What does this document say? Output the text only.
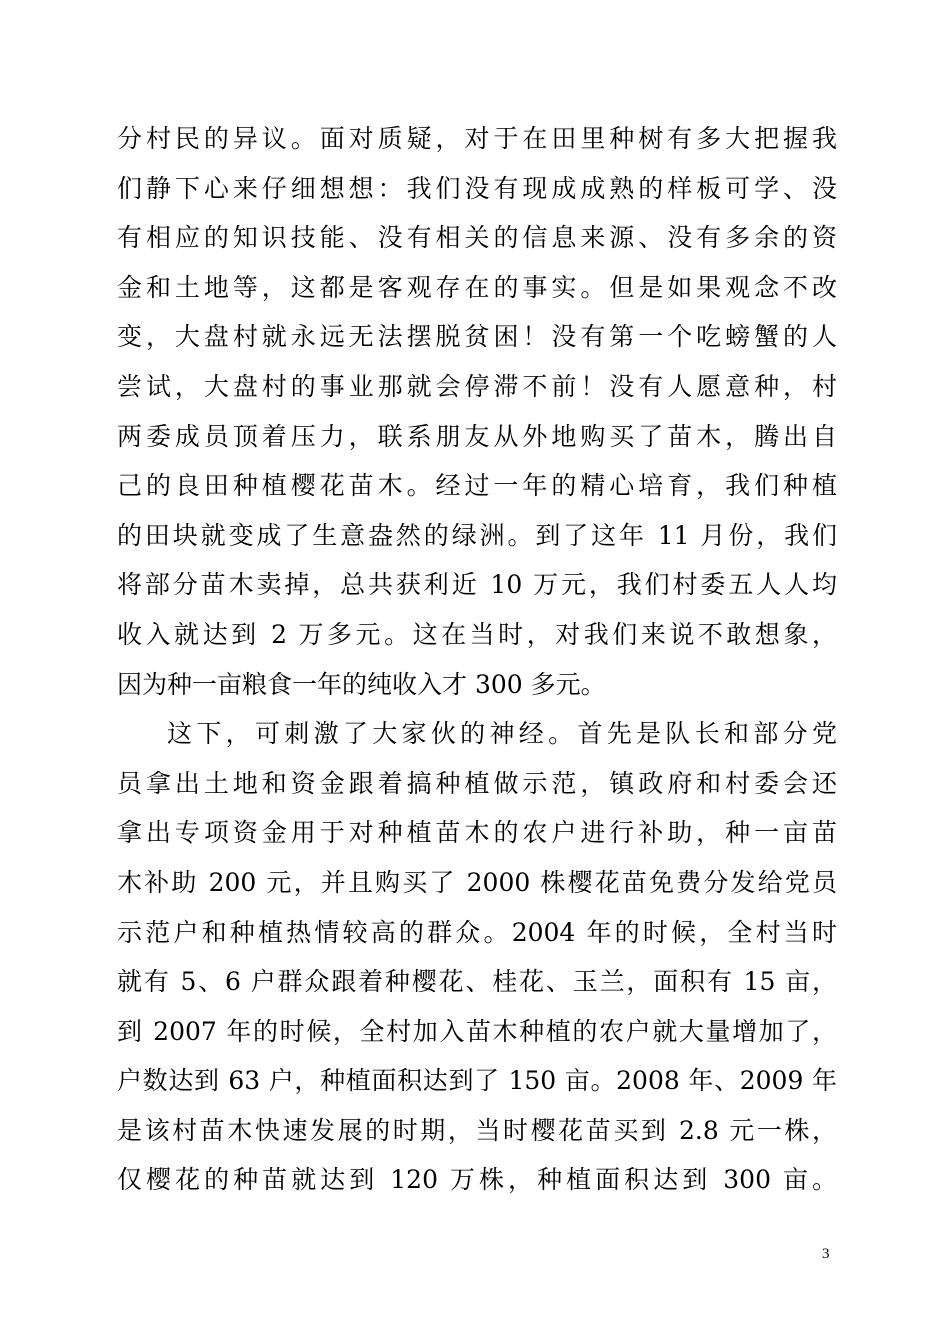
分村民的异议。面对质疑，对于在田里种树有多大把握我
们静下心来仔细想想：我们没有现成成熟的样板可学、没
有相应的知识技能、没有相关的信息来源、没有多余的资
金和土地等，这都是客观存在的事实。但是如果观念不改
变，大盘村就永远无法摆脱贫困！没有第一个吃螃蟹的人
尝试，大盘村的事业那就会停滞不前！没有人愿意种，村
两委成员顶着压力，联系朋友从外地购买了苗木，腾出自
己的良田种植樱花苗木。经过一年的精心培育，我们种植
的田块就变成了生意盎然的绿洲。到了这年 11 月份，我们
将部分苗木卖掉，总共获利近 10 万元，我们村委五人人均
收入就达到 2 万多元。这在当时，对我们来说不敢想象，
因为种一亩粮食一年的纯收入才 300 多元。
这下，可刺激了大家伙的神经。首先是队长和部分党
员拿出土地和资金跟着搞种植做示范，镇政府和村委会还
拿出专项资金用于对种植苗木的农户进行补助，种一亩苗
木补助 200 元，并且购买了 2000 株樱花苗免费分发给党员
示范户和种植热情较高的群众。2004 年的时候，全村当时
就有 5、6 户群众跟着种樱花、桂花、玉兰，面积有 15 亩，
到 2007 年的时候，全村加入苗木种植的农户就大量增加了，
户数达到 63 户，种植面积达到了 150 亩。2008 年、2009 年
是该村苗木快速发展的时期，当时樱花苗买到 2.8 元一株，
仅樱花的种苗就达到 120 万株，种植面积达到 300 亩。
3
